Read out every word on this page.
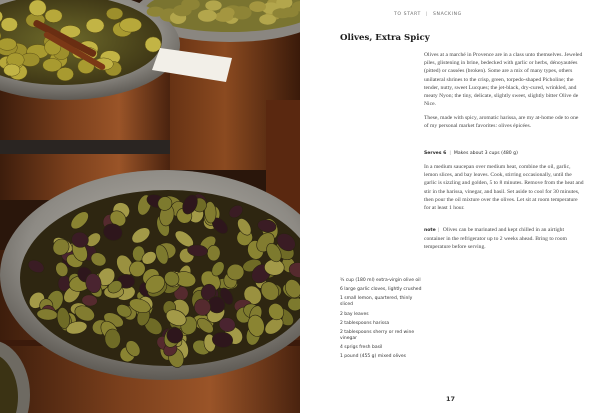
TO START | SNACKING
Olives, Extra Spicy

Olives at a marché in Provence are in a class unto themselves. Jeweled piles, glistening in brine, bedecked with garlic or herbs, dénoyautées (pitted) or cassées (broken). Some are a mix of many types, others unilateral shrines to the crisp, green, torpedo-shaped Picholine; the tender, nutty, sweet Lucques; the jet-black, dry-cured, wrinkled, and meaty Nyon; the tiny, delicate, slightly sweet, slightly bitter Olive de Nice.

These, made with spicy, aromatic harissa, are my at-home ode to one of my personal market favorites: olives épicées.

Serves 6 | Makes about 3 cups (480 g)

In a medium saucepan over medium heat, combine the oil, garlic, lemon slices, and bay leaves. Cook, stirring occasionally, until the garlic is sizzling and golden, 5 to 8 minutes. Remove from the heat and stir in the harissa, vinegar, and basil. Set aside to cool for 30 minutes, then pour the oil mixture over the olives. Let sit at room temperature for at least 1 hour.

note | Olives can be marinated and kept chilled in an airtight container in the refrigerator up to 2 weeks ahead. Bring to room temperature before serving.

¾ cup (180 ml) extra-virgin olive oil
6 large garlic cloves, lightly crushed
1 small lemon, quartered, thinly sliced
2 bay leaves
2 tablespoons harissa
2 tablespoons sherry or red wine vinegar
4 sprigs fresh basil
1 pound (455 g) mixed olives
17
